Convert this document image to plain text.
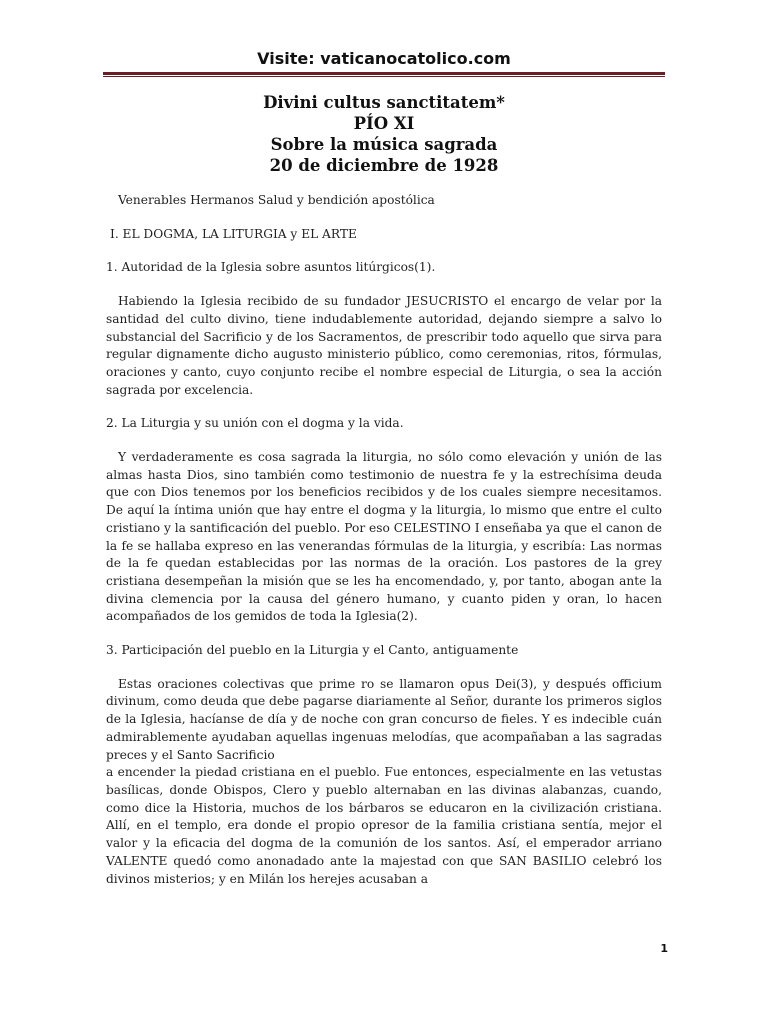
Visite: vaticanocatolico.com
Divini cultus sanctitatem*
PÍO XI
Sobre la música sagrada
20 de diciembre de 1928

Venerables Hermanos Salud y bendición apostólica

I. EL DOGMA, LA LITURGIA y EL ARTE

1. Autoridad de la Iglesia sobre asuntos litúrgicos(1).

Habiendo la Iglesia recibido de su fundador JESUCRISTO el encargo de velar por la santidad del culto divino, tiene indudablemente autoridad, dejando siempre a salvo lo substancial del Sacrificio y de los Sacramentos, de prescribir todo aquello que sirva para regular dignamente dicho augusto ministerio público, como ceremonias, ritos, fórmulas, oraciones y canto, cuyo conjunto recibe el nombre especial de Liturgia, o sea la acción sagrada por excelencia.

2. La Liturgia y su unión con el dogma y la vida.

Y verdaderamente es cosa sagrada la liturgia, no sólo como elevación y unión de las almas hasta Dios, sino también como testimonio de nuestra fe y la estrechísima deuda que con Dios tenemos por los beneficios recibidos y de los cuales siempre necesitamos. De aquí la íntima unión que hay entre el dogma y la liturgia, lo mismo que entre el culto cristiano y la santificación del pueblo. Por eso CELESTINO I enseñaba ya que el canon de la fe se hallaba expreso en las venerandas fórmulas de la liturgia, y escribía: Las normas de la fe quedan establecidas por las normas de la oración. Los pastores de la grey cristiana desempeñan la misión que se les ha encomendado, y, por tanto, abogan ante la divina clemencia por la causa del género humano, y cuanto piden y oran, lo hacen acompañados de los gemidos de toda la Iglesia(2).

3. Participación del pueblo en la Liturgia y el Canto, antiguamente

Estas oraciones colectivas que prime ro se llamaron opus Dei(3), y después officium divinum, como deuda que debe pagarse diariamente al Señor, durante los primeros siglos de la Iglesia, hacíanse de día y de noche con gran concurso de fieles. Y es indecible cuán admirablemente ayudaban aquellas ingenuas melodías, que acompañaban a las sagradas preces y el Santo Sacrificio

a encender la piedad cristiana en el pueblo. Fue entonces, especialmente en las vetustas basílicas, donde Obispos, Clero y pueblo alternaban en las divinas alabanzas, cuando, como dice la Historia, muchos de los bárbaros se educaron en la civilización cristiana. Allí, en el templo, era donde el propio opresor de la familia cristiana sentía, mejor el valor y la eficacia del dogma de la comunión de los santos. Así, el emperador arriano VALENTE quedó como anonadado ante la majestad con que SAN BASILIO celebró los divinos misterios; y en Milán los herejes acusaban a

1
